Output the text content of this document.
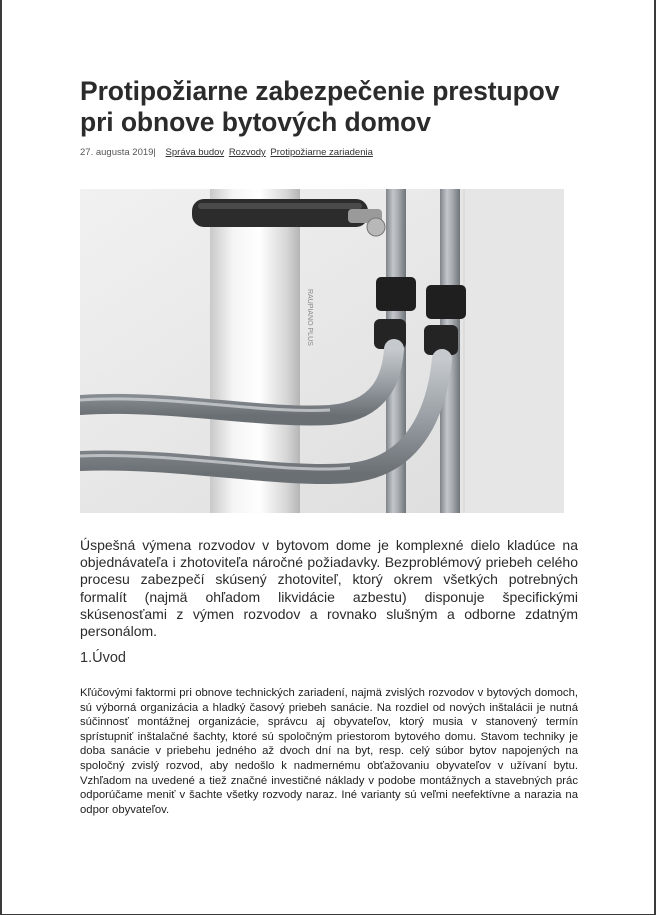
Protipožiarne zabezpečenie prestupov pri obnove bytových domov
27. augusta 2019| Správa budov Rozvody Protipožiarne zariadenia
RAUPIANO PLUS

Úspešná výmena rozvodov v bytovom dome je komplexné dielo kladúce na objednávateľa i zhotoviteľa náročné požiadavky. Bezproblémový priebeh celého procesu zabezpečí skúsený zhotoviteľ, ktorý okrem všetkých potrebných formalít (najmä ohľadom likvidácie azbestu) disponuje špecifickými skúsenosťami z výmen rozvodov a rovnako slušným a odborne zdatným personálom.

1.Úvod

Kľúčovými faktormi pri obnove technických zariadení, najmä zvislých rozvodov v bytových domoch, sú výborná organizácia a hladký časový priebeh sanácie. Na rozdiel od nových inštalácii je nutná súčinnosť montážnej organizácie, správcu aj obyvateľov, ktorý musia v stanovený termín sprístupniť inštalačné šachty, ktoré sú spoločným priestorom bytového domu. Stavom techniky je doba sanácie v priebehu jedného až dvoch dní na byt, resp. celý súbor bytov napojených na spoločný zvislý rozvod, aby nedošlo k nadmernému obťažovaniu obyvateľov v užívaní bytu. Vzhľadom na uvedené a tiež značné investičné náklady v podobe montážnych a stavebných prác odporúčame meniť v šachte všetky rozvody naraz. Iné varianty sú veľmi neefektívne a narazia na odpor obyvateľov.
